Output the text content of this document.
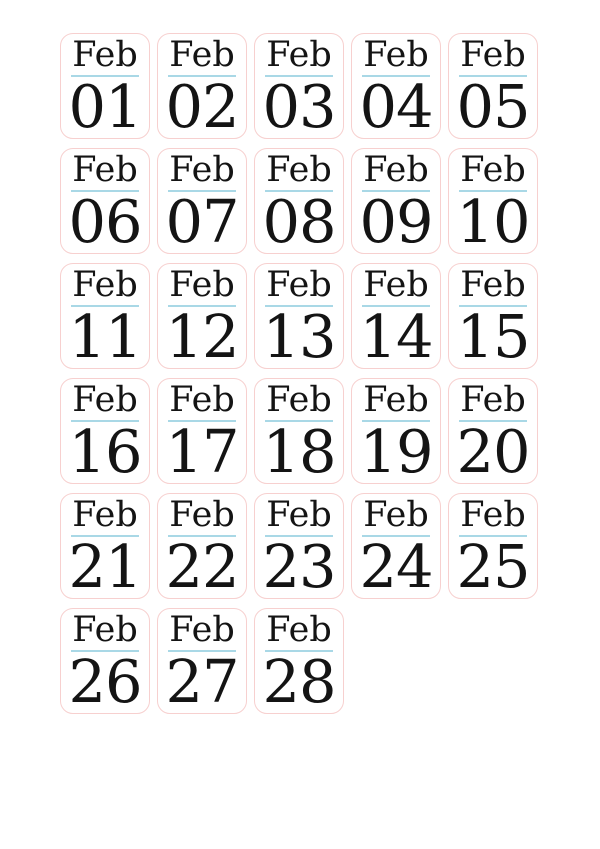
Feb
01
Feb
02
Feb
03
Feb
04
Feb
05
Feb
06
Feb
07
Feb
08
Feb
09
Feb
10
Feb
11
Feb
12
Feb
13
Feb
14
Feb
15
Feb
16
Feb
17
Feb
18
Feb
19
Feb
20
Feb
21
Feb
22
Feb
23
Feb
24
Feb
25
Feb
26
Feb
27
Feb
28
